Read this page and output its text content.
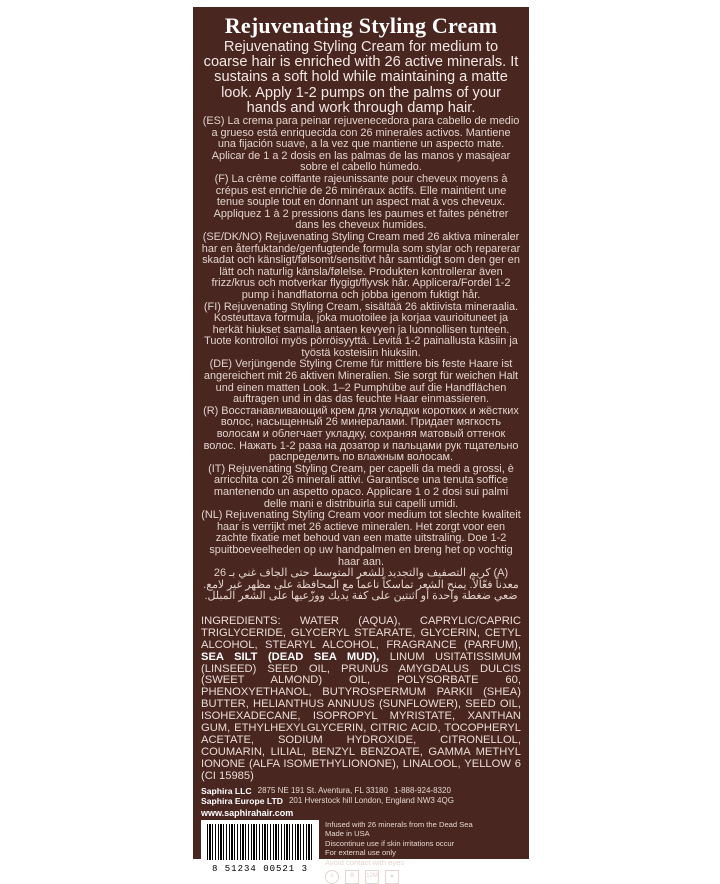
Rejuvenating Styling Cream
Rejuvenating Styling Cream for medium to coarse hair is enriched with 26 active minerals. It sustains a soft hold while maintaining a matte look. Apply 1-2 pumps on the palms of your hands and work through damp hair.
(ES) La crema para peinar rejuvenecedora para cabello de medio a grueso está enriquecida con 26 minerales activos. Mantiene una fijación suave, a la vez que mantiene un aspecto mate. Aplicar de 1 a 2 dosis en las palmas de las manos y masajear sobre el cabello húmedo.
(F) La crème coiffante rajeunissante pour cheveux moyens à crépus est enrichie de 26 minéraux actifs. Elle maintient une tenue souple tout en donnant un aspect mat à vos cheveux. Appliquez 1 à 2 pressions dans les paumes et faites pénétrer dans les cheveux humides.
(SE/DK/NO) Rejuvenating Styling Cream med 26 aktiva mineraler har en återfuktande/genfugtende formula som stylar och reparerar skadat och känsligt/følsomt/sensitivt hår samtidigt som den ger en lätt och naturlig känsla/følelse. Produkten kontrollerar även frizz/krus och motverkar flygigt/flyvsk hår. Applicera/Fordel 1-2 pump i handflatorna och jobba igenom fuktigt hår.
(FI) Rejuvenating Styling Cream, sisältää 26 aktiivista mineraalia. Kosteuttava formula, joka muotoilee ja korjaa vaurioituneet ja herkät hiukset samalla antaen kevyen ja luonnollisen tunteen. Tuote kontrolloi myös pörröisyyttä. Levitä 1-2 painallusta käsiin ja työstä kosteisiin hiuksiin.
(DE) Verjüngende Styling Creme für mittlere bis feste Haare ist angereichert mit 26 aktiven Mineralien. Sie sorgt für weichen Halt und einen matten Look. 1–2 Pumphübe auf die Handflächen auftragen und in das das feuchte Haar einmassieren.
(R) Восстанавливающий крем для укладки коротких и жёстких волос, насыщенный 26 минералами. Придает мягкость волосам и облегчает укладку, сохраняя матовый оттенок волос. Нажать 1-2 раза на дозатор и пальцами рук тщательно распределить по влажным волосам.
(IT) Rejuvenating Styling Cream, per capelli da medi a grossi, è arricchita con 26 minerali attivi. Garantisce una tenuta soffice mantenendo un aspetto opaco. Applicare 1 o 2 dosi sui palmi delle mani e distribuirla sui capelli umidi.
(NL) Rejuvenating Styling Cream voor medium tot slechte kwaliteit haar is verrijkt met 26 actieve mineralen. Het zorgt voor een zachte fixatie met behoud van een matte uitstraling. Doe 1-2 spuitboeveelheden op uw handpalmen en breng het op vochtig haar aan.
(A) كريم التصفيف والتجديد للشعر المتوسط حتى الجاف غني بـ 26 معدناً فعّالاً. يمنح الشعر تماسكاً ناعماً مع المحافظة على مظهر غير لامع. ضعي ضغطة واحدة أو اثنتين على كفة يديك ووزّعيها على الشعر المبلل.
INGREDIENTS: WATER (AQUA), CAPRYLIC/CAPRIC TRIGLYCERIDE, GLYCERYL STEARATE, GLYCERIN, CETYL ALCOHOL, STEARYL ALCOHOL, FRAGRANCE (PARFUM), SEA SILT (DEAD SEA MUD), LINUM USITATISSIMUM (LINSEED) SEED OIL, PRUNUS AMYGDALUS DULCIS (SWEET ALMOND) OIL, POLYSORBATE 60, PHENOXYETHANOL, BUTYROSPERMUM PARKII (SHEA) BUTTER, HELIANTHUS ANNUUS (SUNFLOWER), SEED OIL, ISOHEXADECANE, ISOPROPYL MYRISTATE, XANTHAN GUM, ETHYLHEXYLGLYCERIN, CITRIC ACID, TOCOPHERYL ACETATE, SODIUM HYDROXIDE, CITRONELLOL, COUMARIN, LILIAL, BENZYL BENZOATE, GAMMA METHYL IONONE (ALFA ISOMETHYLIONONE), LINALOOL, YELLOW 6 (CI 15985)
Saphira LLC 2875 NE 191 St. Aventura, FL 33180 1-888-924-8320
Saphira Europe LTD 201 Hverstock hill London, England NW3 4QG
www.saphirahair.com
8 51234 00521 3
Infused with 26 minerals from the Dead Sea
Made in USA
Discontinue use if skin irritations occur
For external use only
Avoid contact with eyes
e	♻	12M	▲
